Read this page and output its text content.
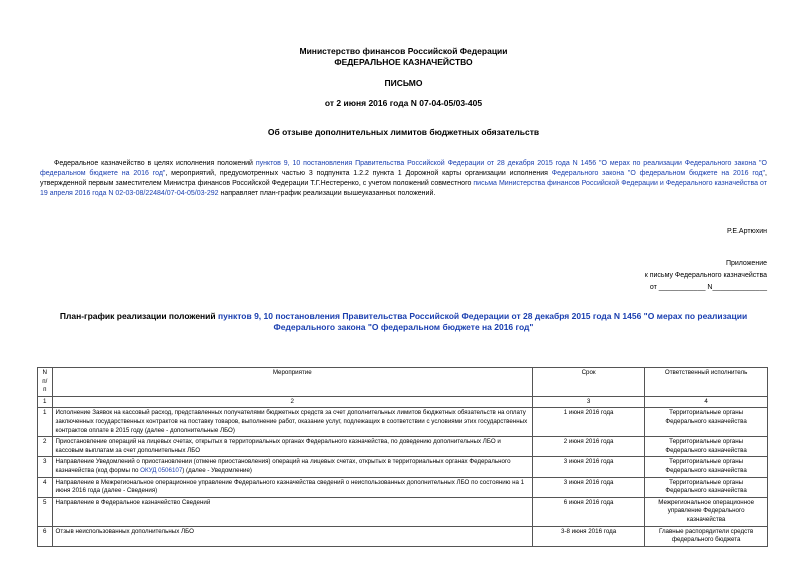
Министерство финансов Российской Федерации
ФЕДЕРАЛЬНОЕ КАЗНАЧЕЙСТВО
ПИСЬМО
от 2 июня 2016 года N 07-04-05/03-405
Об отзыве дополнительных лимитов бюджетных обязательств

Федеральное казначейство в целях исполнения положений пунктов 9, 10 постановления Правительства Российской Федерации от 28 декабря 2015 года N 1456 "О мерах по реализации Федерального закона "О федеральном бюджете на 2016 год", мероприятий, предусмотренных частью 3 подпункта 1.2.2 пункта 1 Дорожной карты организации исполнения Федерального закона "О федеральном бюджете на 2016 год", утвержденной первым заместителем Министра финансов Российской Федерации Т.Г.Нестеренко, с учетом положений совместного письма Министерства финансов Российской Федерации и Федерального казначейства от 19 апреля 2016 года N 02-03-08/22484/07-04-05/03-292 направляет план-график реализации вышеуказанных положений.

Р.Е.Артюхин
Приложение
к письму Федерального казначейства
от ____________ N______________
План-график реализации положений пунктов 9, 10 постановления Правительства Российской Федерации от 28 декабря 2015 года N 1456 "О мерах по реализации Федерального закона "О федеральном бюджете на 2016 год"
N п/п	Мероприятие	Срок	Ответственный исполнитель
1	2	3	4
1	Исполнение Заявок на кассовый расход, представленных получателями бюджетных средств за счет дополнительных лимитов бюджетных обязательств на оплату заключенных государственных контрактов на поставку товаров, выполнение работ, оказание услуг, подлежащих в соответствии с условиями этих государственных контрактов оплате в 2015 году (далее - дополнительные ЛБО)	1 июня 2016 года	Территориальные органы Федерального казначейства
2	Приостановление операций на лицевых счетах, открытых в территориальных органах Федерального казначейства, по доведению дополнительных ЛБО и кассовым выплатам за счет дополнительных ЛБО	2 июня 2016 года	Территориальные органы Федерального казначейства
3	Направление Уведомлений о приостановлении (отмене приостановления) операций на лицевых счетах, открытых в территориальных органах Федерального казначейства (код формы по ОКУД 0506107) (далее - Уведомление)	3 июня 2016 года	Территориальные органы Федерального казначейства
4	Направление в Межрегиональное операционное управление Федерального казначейства сведений о неиспользованных дополнительных ЛБО по состоянию на 1 июня 2016 года (далее - Сведения)	3 июня 2016 года	Территориальные органы Федерального казначейства
5	Направление в Федеральное казначейство Сведений	6 июня 2016 года	Межрегиональное операционное управление Федерального казначейства
6	Отзыв неиспользованных дополнительных ЛБО	3-8 июня 2016 года	Главные распорядители средств федерального бюджета
